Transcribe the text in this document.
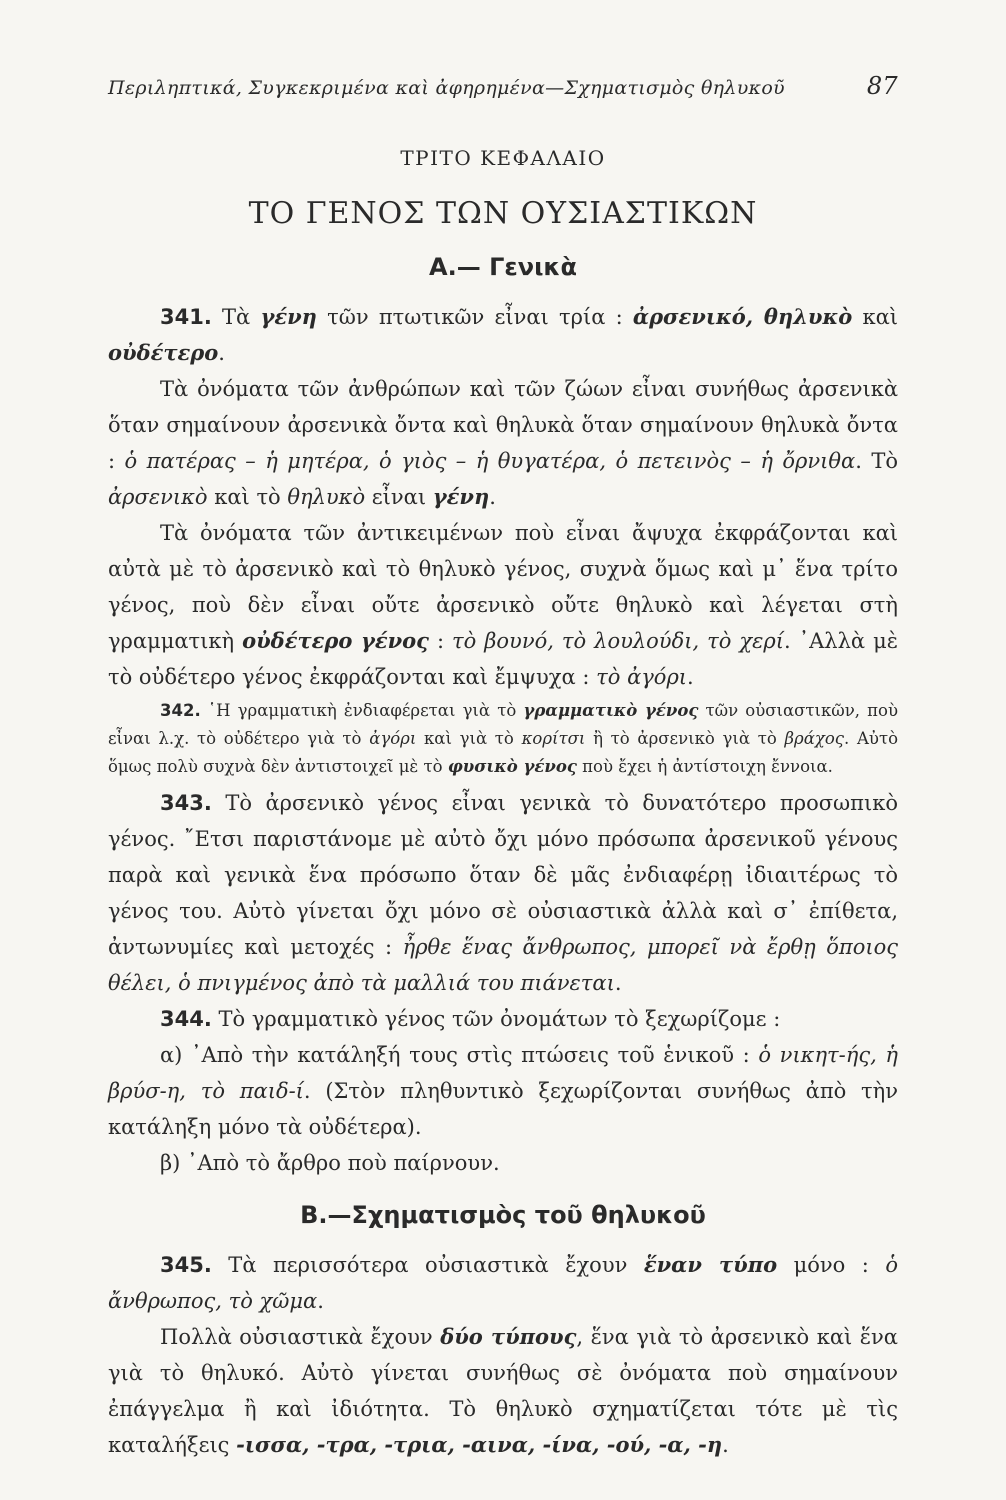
Περιληπτικά, Συγκεκριμένα καὶ ἀφηρημένα—Σχηματισμὸς θηλυκοῦ	87
ΤΡΙΤΟ ΚΕΦΑΛΑΙΟ
ΤΟ ΓΕΝΟΣ ΤΩΝ ΟΥΣΙΑΣΤΙΚΩΝ
Α.— Γενικὰ

341. Τὰ γένη τῶν πτωτικῶν εἶναι τρία : ἀρσενικό, θηλυκὸ καὶ οὐδέτερο.

Τὰ ὀνόματα τῶν ἀνθρώπων καὶ τῶν ζώων εἶναι συνήθως ἀρσενικὰ ὅταν σημαίνουν ἀρσενικὰ ὄντα καὶ θηλυκὰ ὅταν σημαίνουν θηλυκὰ ὄντα : ὁ πατέρας – ἡ μητέρα, ὁ γιὸς – ἡ θυγατέρα, ὁ πετεινὸς – ἡ ὄρνιθα. Τὸ ἀρσενικὸ καὶ τὸ θηλυκὸ εἶναι γένη.

Τὰ ὀνόματα τῶν ἀντικειμένων ποὺ εἶναι ἄψυχα ἐκφράζονται καὶ αὐτὰ μὲ τὸ ἀρσενικὸ καὶ τὸ θηλυκὸ γένος, συχνὰ ὅμως καὶ μ᾽ ἕνα τρίτο γένος, ποὺ δὲν εἶναι οὔτε ἀρσενικὸ οὔτε θηλυκὸ καὶ λέγεται στὴ γραμματικὴ οὐδέτερο γένος : τὸ βουνό, τὸ λουλούδι, τὸ χερί. ᾽Αλλὰ μὲ τὸ οὐδέτερο γένος ἐκφράζονται καὶ ἔμψυχα : τὸ ἀγόρι.

342. ῾Η γραμματικὴ ἐνδιαφέρεται γιὰ τὸ γραμματικὸ γένος τῶν οὐσιαστικῶν, ποὺ εἶναι λ.χ. τὸ οὐδέτερο γιὰ τὸ ἀγόρι καὶ γιὰ τὸ κορίτσι ἢ τὸ ἀρσενικὸ γιὰ τὸ βράχος. Αὐτὸ ὅμως πολὺ συχνὰ δὲν ἀντιστοιχεῖ μὲ τὸ φυσικὸ γένος ποὺ ἔχει ἡ ἀντίστοιχη ἔννοια.

343. Τὸ ἀρσενικὸ γένος εἶναι γενικὰ τὸ δυνατότερο προσωπικὸ γένος. ῎Ετσι παριστάνομε μὲ αὐτὸ ὄχι μόνο πρόσωπα ἀρσενικοῦ γένους παρὰ καὶ γενικὰ ἕνα πρόσωπο ὅταν δὲ μᾶς ἐνδιαφέρῃ ἰδιαιτέρως τὸ γένος του. Αὐτὸ γίνεται ὄχι μόνο σὲ οὐσιαστικὰ ἀλλὰ καὶ σ᾽ ἐπίθετα, ἀντωνυμίες καὶ μετοχές : ἦρθε ἕνας ἄνθρωπος, μπορεῖ νὰ ἔρθῃ ὅποιος θέλει, ὁ πνιγμένος ἀπὸ τὰ μαλλιά του πιάνεται.

344. Τὸ γραμματικὸ γένος τῶν ὀνομάτων τὸ ξεχωρίζομε :

α) ᾽Απὸ τὴν κατάληξή τους στὶς πτώσεις τοῦ ἑνικοῦ : ὁ νικητ-ής, ἡ βρύσ-η, τὸ παιδ-ί. (Στὸν πληθυντικὸ ξεχωρίζονται συνήθως ἀπὸ τὴν κατάληξη μόνο τὰ οὐδέτερα).

β) ᾽Απὸ τὸ ἄρθρο ποὺ παίρνουν.

Β.—Σχηματισμὸς τοῦ θηλυκοῦ

345. Τὰ περισσότερα οὐσιαστικὰ ἔχουν ἕναν τύπο μόνο : ὁ ἄνθρωπος, τὸ χῶμα.

Πολλὰ οὐσιαστικὰ ἔχουν δύο τύπους, ἕνα γιὰ τὸ ἀρσενικὸ καὶ ἕνα γιὰ τὸ θηλυκό. Αὐτὸ γίνεται συνήθως σὲ ὀνόματα ποὺ σημαίνουν ἐπάγγελμα ἢ καὶ ἰδιότητα. Τὸ θηλυκὸ σχηματίζεται τότε μὲ τὶς καταλήξεις -ισσα, -τρα, -τρια, -αινα, -ίνα, -ού, -α, -η.
